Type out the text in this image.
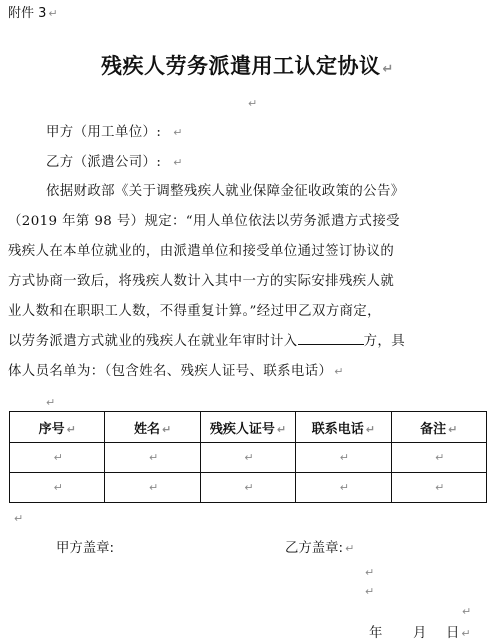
附件 3 ↵
残疾人劳务派遣用工认定协议 ↵
↵
甲方（用工单位）: ↵
乙方（派遣公司）: ↵
依据财政部《关于调整残疾人就业保障金征收政策的公告》
（2019 年第 98 号）规定：“用人单位依法以劳务派遣方式接受
残疾人在本单位就业的，由派遣单位和接受单位通过签订协议的
方式协商一致后，将残疾人数计入其中一方的实际安排残疾人就
业人数和在职职工人数，不得重复计算。”经过甲乙双方商定，
以劳务派遣方式就业的残疾人在就业年审时计入	方，具
体人员名单为：（包含姓名、残疾人证号、联系电话） ↵
↵
序号 ↵	姓名 ↵	残疾人证号 ↵	联系电话 ↵	备注 ↵
↵	↵	↵	↵	↵
↵	↵	↵	↵	↵
↵
甲方盖章:	乙方盖章: ↵
↵
↵
↵
年 月 日 ↵
